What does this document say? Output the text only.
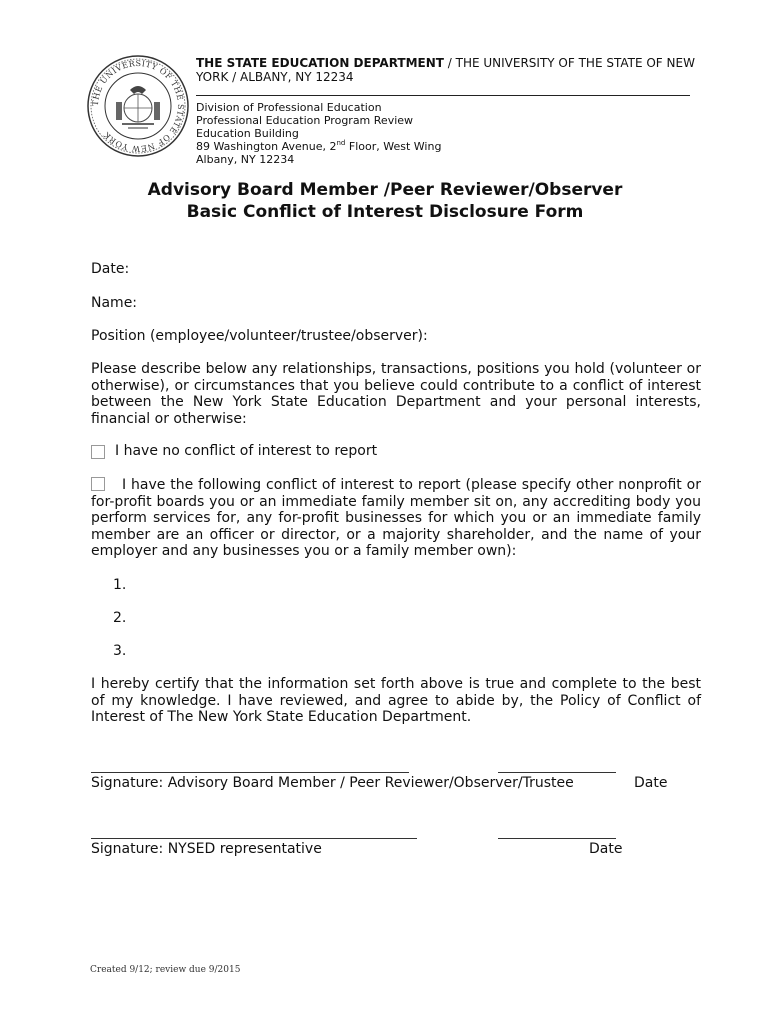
THE UNIVERSITY OF THE STATE OF NEW YORK
THE STATE EDUCATION DEPARTMENT / THE UNIVERSITY OF THE STATE OF NEW YORK / ALBANY, NY 12234
Division of Professional Education
Professional Education Program Review
Education Building
89 Washington Avenue, 2nd Floor, West Wing
Albany, NY 12234
Advisory Board Member /Peer Reviewer/Observer
Basic Conflict of Interest Disclosure Form
Date:
Name:
Position (employee/volunteer/trustee/observer):
Please describe below any relationships, transactions, positions you hold (volunteer or otherwise), or circumstances that you believe could contribute to a conflict of interest between the New York State Education Department and your personal interests, financial or otherwise:
I have no conflict of interest to report
I have the following conflict of interest to report (please specify other nonprofit or for-profit boards you or an immediate family member sit on, any accrediting body you perform services for, any for-profit businesses for which you or an immediate family member are an officer or director, or a majority shareholder, and the name of your employer and any businesses you or a family member own):
1.
2.
3.
I hereby certify that the information set forth above is true and complete to the best of my knowledge. I have reviewed, and agree to abide by, the Policy of Conflict of Interest of The New York State Education Department.
Signature: Advisory Board Member / Peer Reviewer/Observer/Trustee	Date
Signature: NYSED representative	Date
Created 9/12; review due 9/2015
